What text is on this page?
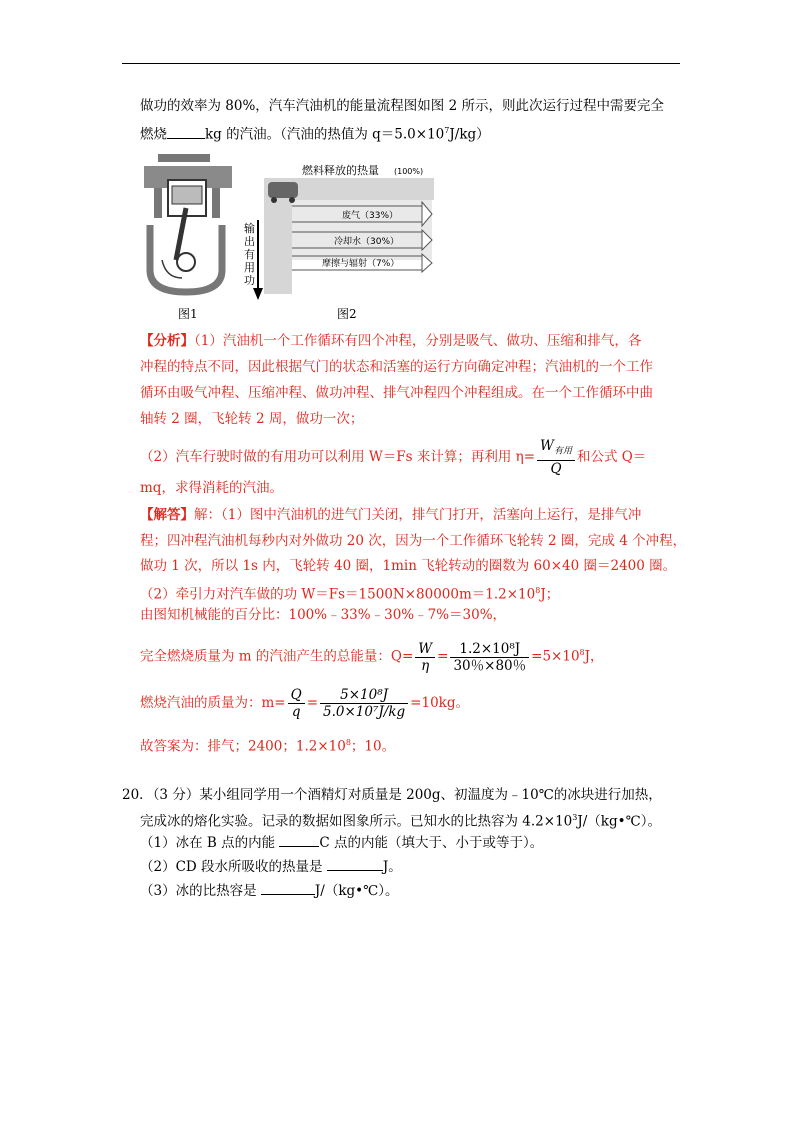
做功的效率为 80%，汽车汽油机的能量流程图如图 2 所示，则此次运行过程中需要完全
燃烧	kg 的汽油。（汽油的热值为 $q=5.0\times 10^7J/kg$）
图1
燃料释放的热量 (100%)
废气（33%）
冷却水（30%）
摩擦与辐射（7%）
输出有用功
图2
【分析】（1）汽油机一个工作循环有四个冲程，分别是吸气、做功、压缩和排气，各
冲程的特点不同，因此根据气门的状态和活塞的运行方向确定冲程；汽油机的一个工作
循环由吸气冲程、压缩冲程、做功冲程、排气冲程四个冲程组成。在一个工作循环中曲
轴转 2 圈，飞轮转 2 周，做功一次；
（2）汽车行驶时做的有用功可以利用 W＝Fs 来计算；再利用 $\eta= \frac{W_{有用}}{Q}$ 和公式 Q＝
mq，求得消耗的汽油。
【解答】解：（1）图中汽油机的进气门关闭，排气门打开，活塞向上运行，是排气冲
程；四冲程汽油机每秒内对外做功 20 次，因为一个工作循环飞轮转 2 圈，完成 4 个冲程，
做功 1 次，所以 1s 内，飞轮转 40 圈，1min 飞轮转动的圈数为 60×40 圈＝2400 圈。
（2）牵引力对汽车做的功 $W=Fs=1500N\times 80000m=1.2\times 10^8J$；
由图知机械能的百分比：100%﹣33%﹣30%﹣7%＝30%，
完全燃烧质量为 m 的汽油产生的总能量：$Q= \frac{W}{\eta} = \frac{\text{1.2×10⁸J}}{30\%\times 80\%} =5\times 10^8J$，
燃烧汽油的质量为：$m= \frac{Q}{q} = \frac{\text{5×10⁸J}}{\text{5.0×10⁷J/kg}} =10kg$。
故答案为：排气；2400；$1.2\times 10^8$；10。
20．（3 分）某小组同学用一个酒精灯对质量是 200g、初温度为﹣10℃的冰块进行加热，
完成冰的熔化实验。记录的数据如图象所示。已知水的比热容为 $4.2\times 10^3J/(kg•℃)$。
（1）冰在 B 点的内能	C 点的内能（填大于、小于或等于）。
（2）CD 段水所吸收的热量是	J。
（3）冰的比热容是	J/（kg•℃）。
